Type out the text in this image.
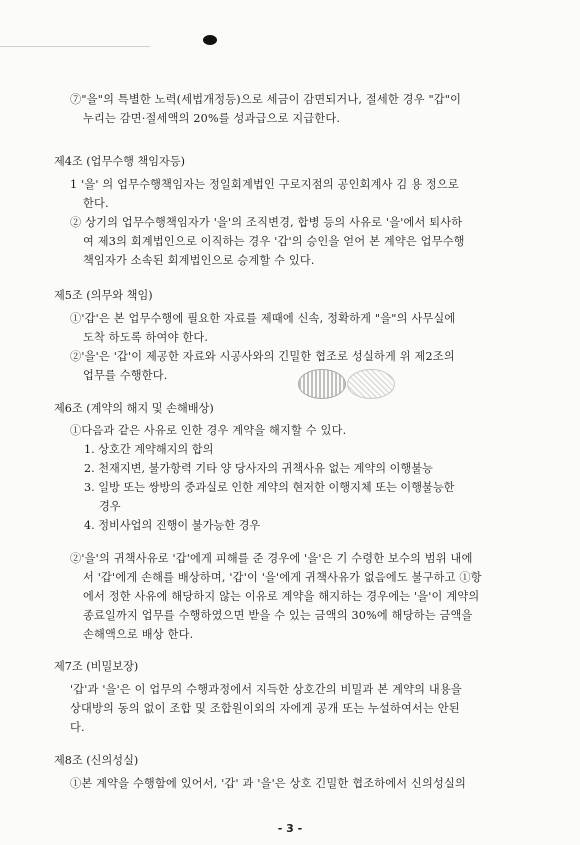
⑦"을"의 특별한 노력(세법개정등)으로 세금이 감면되거나, 절세한 경우 "갑"이
누리는 감면·절세액의 20%를 성과급으로 지급한다.
제4조 (업무수행 책임자등)
1 '을' 의 업무수행책임자는 정일회계법인 구로지점의 공인회계사 김 용 정으로
한다.
② 상기의 업무수행책임자가 '을'의 조직변경, 합병 등의 사유로 '을'에서 퇴사하
여 제3의 회계법인으로 이직하는 경우 '갑'의 승인을 얻어 본 계약은 업무수행
책임자가 소속된 회계법인으로 승계할 수 있다.
제5조 (의무와 책임)
①'갑'은 본 업무수행에 필요한 자료를 제때에 신속, 정확하게 "을"의 사무실에
도착 하도록 하여야 한다.
②'을'은 '갑'이 제공한 자료와 시공사와의 긴밀한 협조로 성실하게 위 제2조의
업무를 수행한다.
제6조 (계약의 해지 및 손해배상)
①다음과 같은 사유로 인한 경우 계약을 해지할 수 있다.
1. 상호간 계약해지의 합의
2. 천재지변, 불가항력 기타 양 당사자의 귀책사유 없는 계약의 이행불능
3. 일방 또는 쌍방의 중과실로 인한 계약의 현저한 이행지체 또는 이행불능한
경우
4. 정비사업의 진행이 불가능한 경우
②'을'의 귀책사유로 '갑'에게 피해를 준 경우에 '을'은 기 수령한 보수의 범위 내에
서 '갑'에게 손해를 배상하며, '갑'이 '을'에게 귀책사유가 없음에도 불구하고 ①항
에서 정한 사유에 해당하지 않는 이유로 계약을 해지하는 경우에는 '을'이 계약의
종료일까지 업무를 수행하였으면 받을 수 있는 금액의 30%에 해당하는 금액을
손해액으로 배상 한다.
제7조 (비밀보장)
'갑'과 '을'은 이 업무의 수행과정에서 지득한 상호간의 비밀과 본 계약의 내용을
상대방의 동의 없이 조합 및 조합원이외의 자에게 공개 또는 누설하여서는 안된
다.
제8조 (신의성실)
①본 계약을 수행함에 있어서, '갑' 과 '을'은 상호 긴밀한 협조하에서 신의성실의
- 3 -
